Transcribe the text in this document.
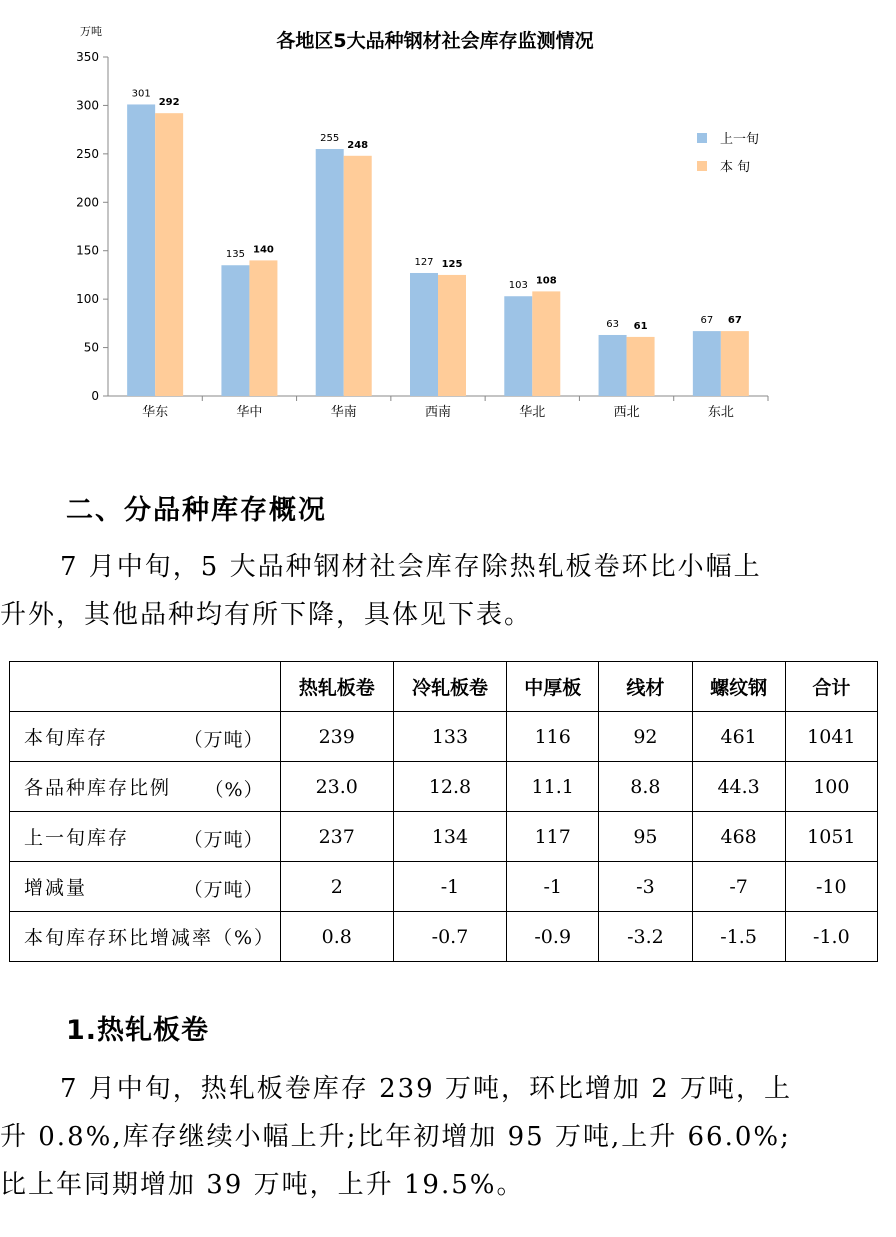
各地区5大品种钢材社会库存监测情况
万吨
0
50
100
150
200
250
300
350
华东	华中	华南	西南	华北	西北	东北
301
292
135 140
255
248
127 125
103 108
63 61
67 67
上一旬
本 旬
二、分品种库存概况
7 月中旬，5 大品种钢材社会库存除热轧板卷环比小幅上
升外，其他品种均有所下降，具体见下表。
	热轧板卷	冷轧板卷	中厚板	线材	螺纹钢	合计
本旬库存 （万吨）	239	133	116	92	461	1041
各品种库存比例 （%）	23.0	12.8	11.1	8.8	44.3	100
上一旬库存 （万吨）	237	134	117	95	468	1051
增减量 （万吨）	2	-1	-1	-3	-7	-10
本旬库存环比增减率（%）	0.8	-0.7	-0.9	-3.2	-1.5	-1.0
1.热轧板卷
7 月中旬，热轧板卷库存 239 万吨，环比增加 2 万吨，上
升 0.8%,库存继续小幅上升;比年初增加 95 万吨,上升 66.0%;
比上年同期增加 39 万吨，上升 19.5%。
